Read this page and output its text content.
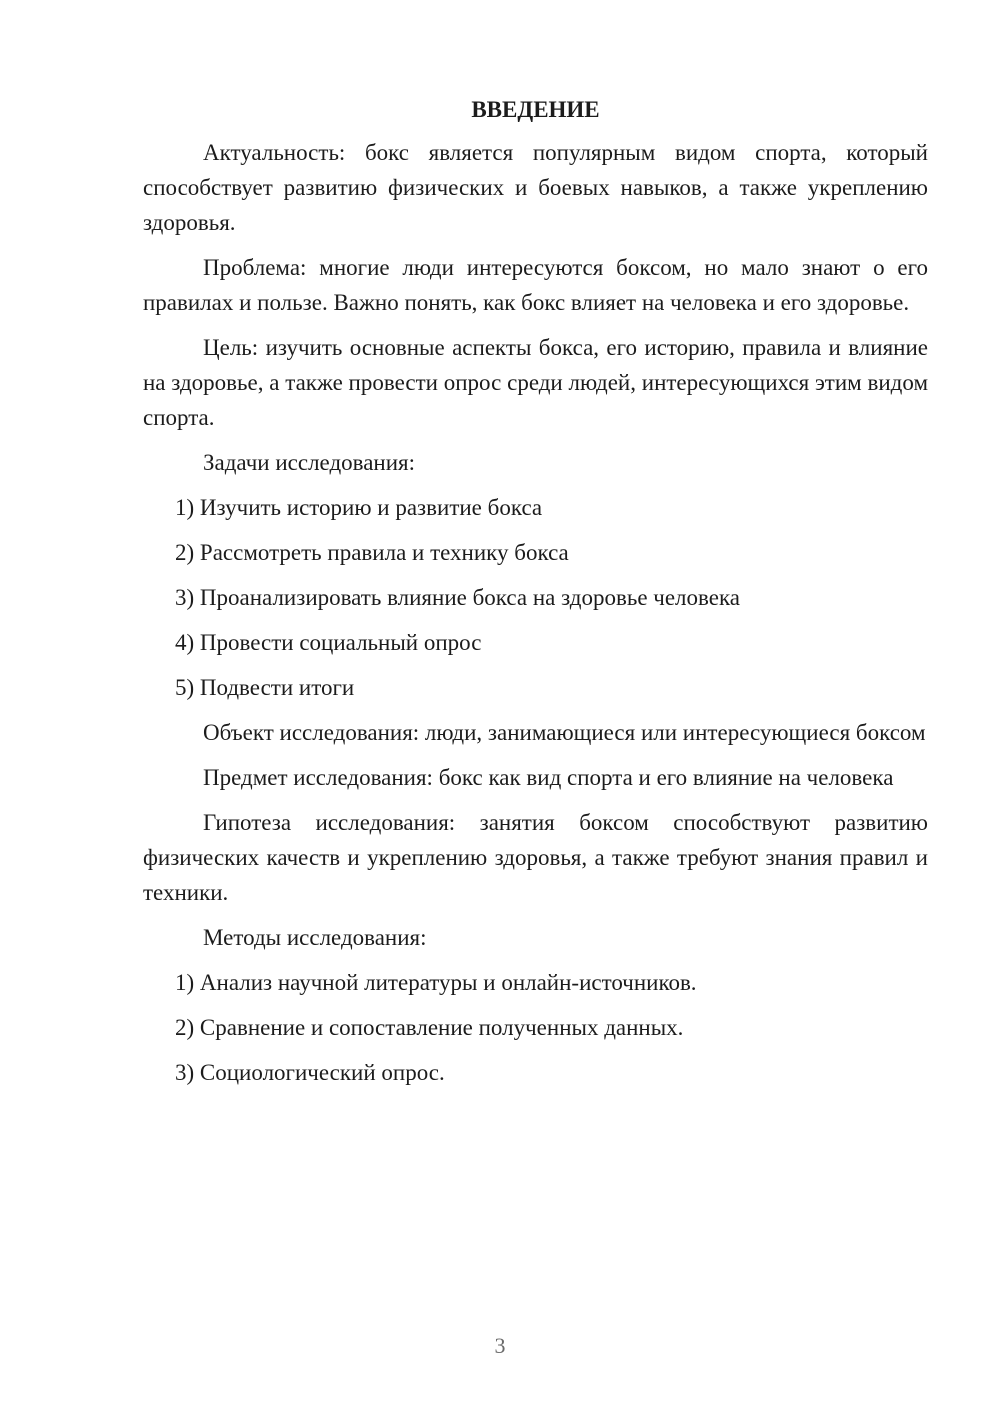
ВВЕДЕНИЕ
Актуальность: бокс является популярным видом спорта, который способствует развитию физических и боевых навыков, а также укреплению здоровья.
Проблема: многие люди интересуются боксом, но мало знают о его правилах и пользе. Важно понять, как бокс влияет на человека и его здоровье.
Цель: изучить основные аспекты бокса, его историю, правила и влияние на здоровье, а также провести опрос среди людей, интересующихся этим видом спорта.
Задачи исследования:
1) Изучить историю и развитие бокса
2) Рассмотреть правила и технику бокса
3) Проанализировать влияние бокса на здоровье человека
4) Провести социальный опрос
5) Подвести итоги
Объект исследования: люди, занимающиеся или интересующиеся боксом
Предмет исследования: бокс как вид спорта и его влияние на человека
Гипотеза исследования: занятия боксом способствуют развитию физических качеств и укреплению здоровья, а также требуют знания правил и техники.
Методы исследования:
1) Анализ научной литературы и онлайн-источников.
2) Сравнение и сопоставление полученных данных.
3) Социологический опрос.
3
